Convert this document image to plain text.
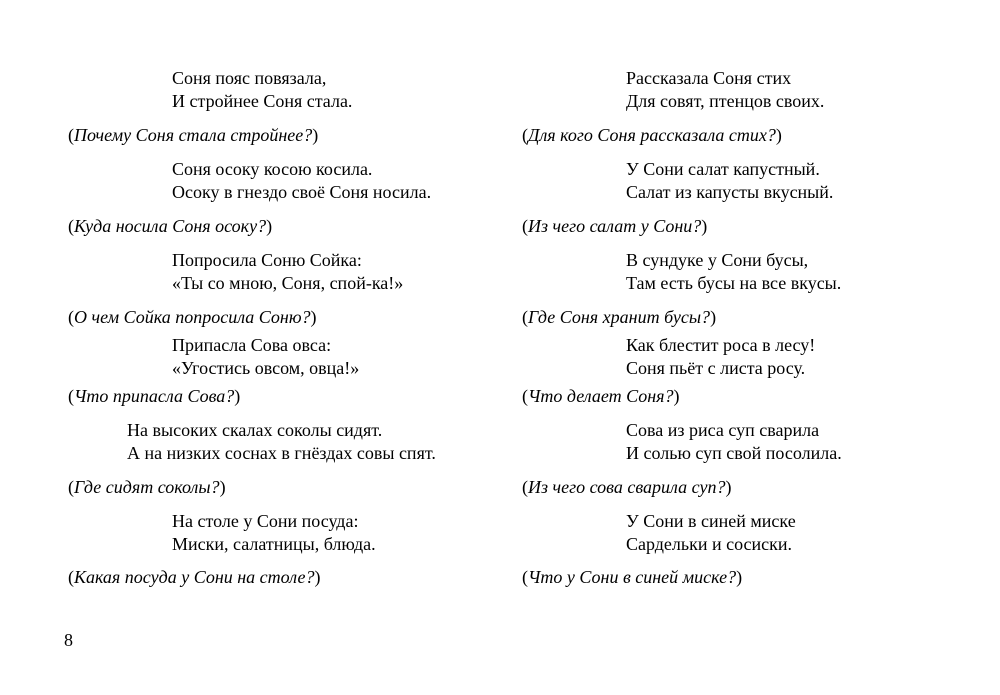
Соня пояс повязала,
И стройнее Соня стала.
(Почему Соня стала стройнее?)
Соня осоку косою косила.
Осоку в гнездо своё Соня носила.
(Куда носила Соня осоку?)
Попросила Соню Сойка:
«Ты со мною, Соня, спой-ка!»
(О чем Сойка попросила Соню?)
Припасла Сова овса:
«Угостись овсом, овца!»
(Что припасла Сова?)
На высоких скалах соколы сидят.
А на низких соснах в гнёздах совы спят.
(Где сидят соколы?)
На столе у Сони посуда:
Миски, салатницы, блюда.
(Какая посуда у Сони на столе?)
Рассказала Соня стих
Для совят, птенцов своих.
(Для кого Соня рассказала стих?)
У Сони салат капустный.
Салат из капусты вкусный.
(Из чего салат у Сони?)
В сундуке у Сони бусы,
Там есть бусы на все вкусы.
(Где Соня хранит бусы?)
Как блестит роса в лесу!
Соня пьёт с листа росу.
(Что делает Соня?)
Сова из риса суп сварила
И солью суп свой посолила.
(Из чего сова сварила суп?)
У Сони в синей миске
Сардельки и сосиски.
(Что у Сони в синей миске?)
8
